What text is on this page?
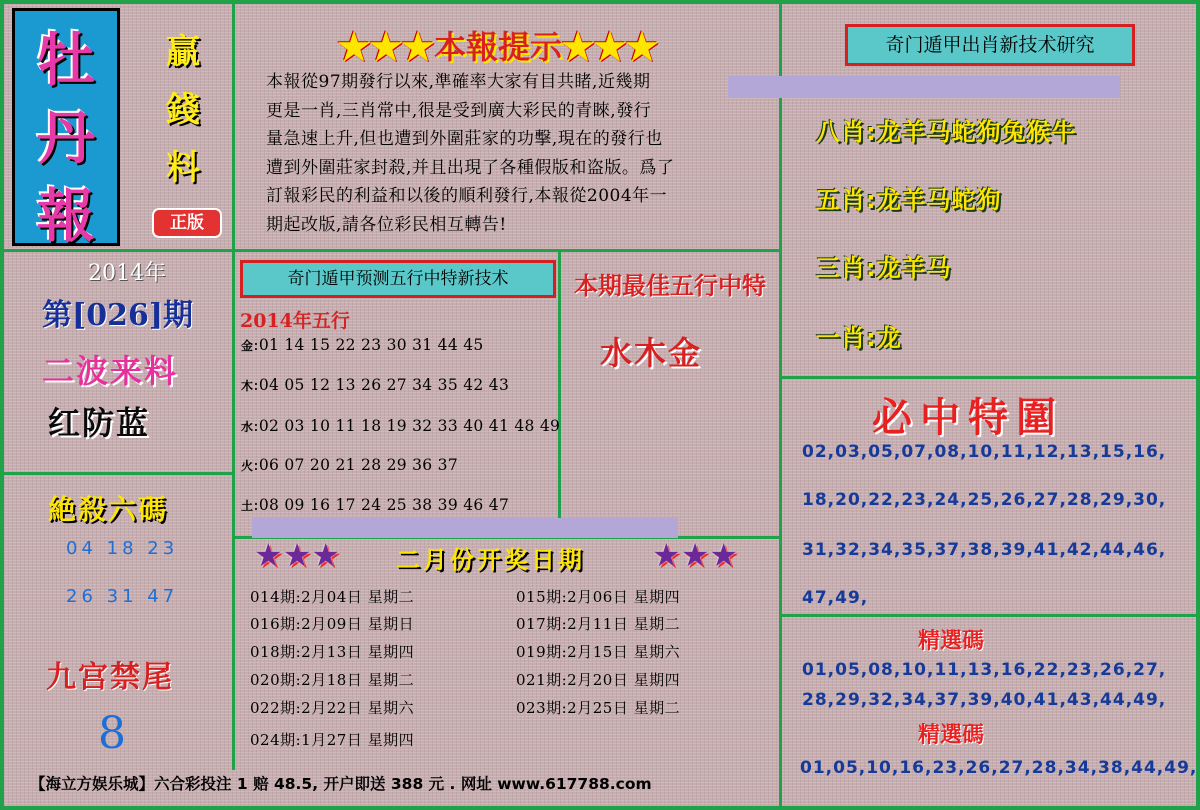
牡
丹
報
贏
錢
料
正版
★★★本報提示★★★
本報從97期發行以來,準確率大家有目共睹,近幾期
更是一肖,三肖常中,很是受到廣大彩民的青睞,發行
量急速上升,但也遭到外圍莊家的功擊,現在的發行也
遭到外圍莊家封殺,并且出現了各種假版和盗版。爲了
訂報彩民的利益和以後的順利發行,本報從2004年一
期起改版,請各位彩民相互轉告!
奇门遁甲出肖新技术研究
八肖:龙羊马蛇狗兔猴牛
五肖:龙羊马蛇狗
三肖:龙羊马
一肖:龙
必中特圍
02,03,05,07,08,10,11,12,13,15,16,
18,20,22,23,24,25,26,27,28,29,30,
31,32,34,35,37,38,39,41,42,44,46,
47,49,
精選碼
01,05,08,10,11,13,16,22,23,26,27,
28,29,32,34,37,39,40,41,43,44,49,
精選碼
01,05,10,16,23,26,27,28,34,38,44,49,
2014年
第[026]期
二波来料
红防蓝
絶殺六碼
04 18 23
26 31 47
九宫禁尾
8
奇门遁甲预测五行中特新技术
2014年五行
金:01 14 15 22 23 30 31 44 45
木:04 05 12 13 26 27 34 35 42 43
水:02 03 10 11 18 19 32 33 40 41 48 49
火:06 07 20 21 28 29 36 37
土:08 09 16 17 24 25 38 39 46 47
本期最佳五行中特
水木金
★★★ 二月份开奖日期 ★★★
014期:2月04日 星期二
016期:2月09日 星期日
018期:2月13日 星期四
020期:2月18日 星期二
022期:2月22日 星期六
024期:1月27日 星期四
015期:2月06日 星期四
017期:2月11日 星期二
019期:2月15日 星期六
021期:2月20日 星期四
023期:2月25日 星期二
【海立方娱乐城】六合彩投注 1 赔 48.5, 开户即送 388 元 . 网址 www.617788.com
